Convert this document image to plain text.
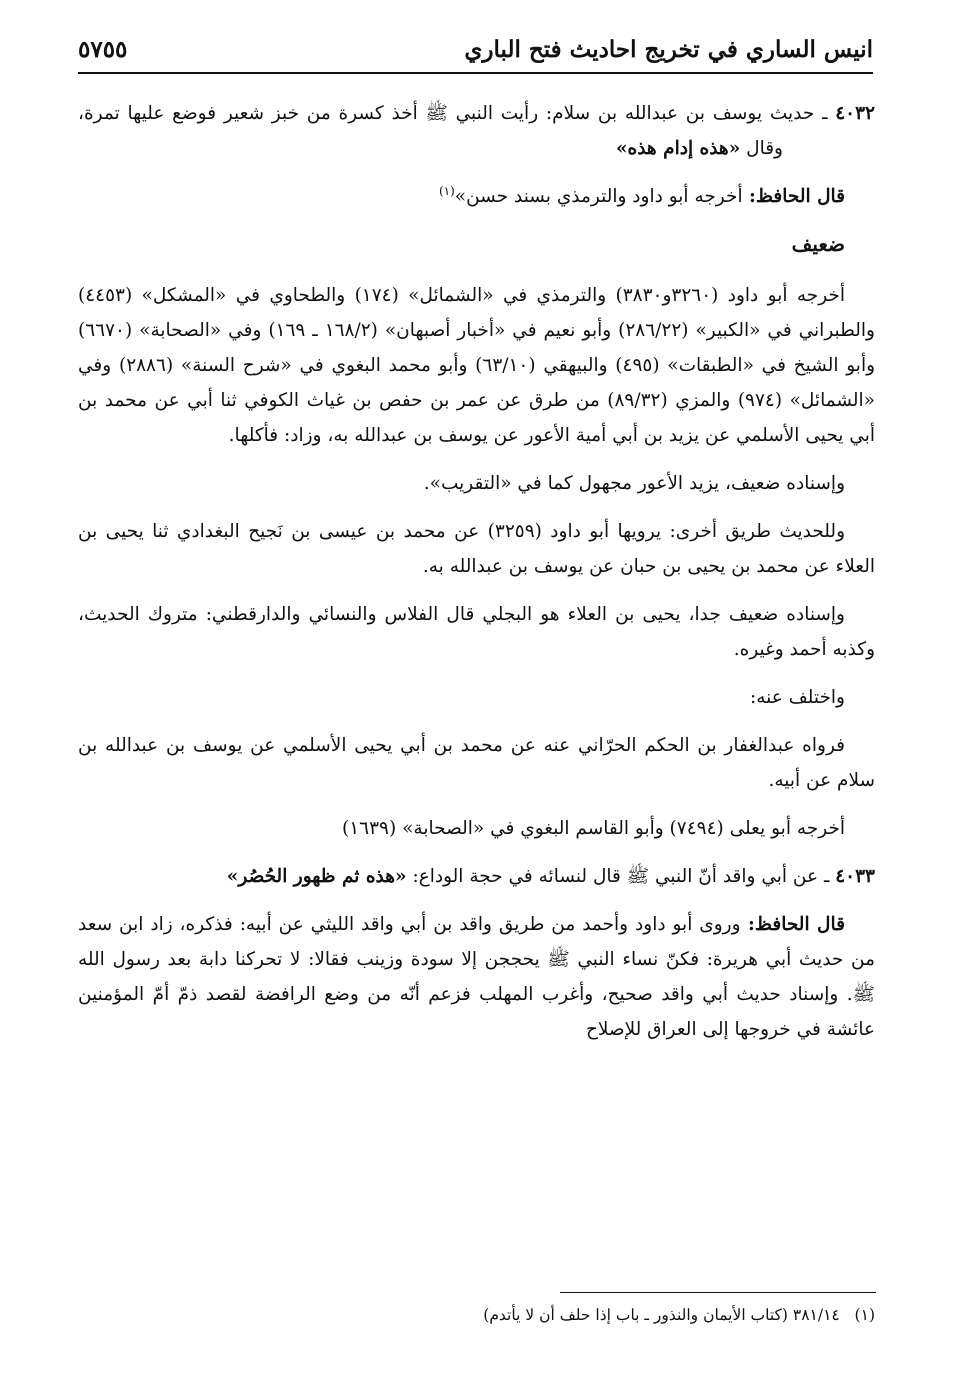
انيس الساري في تخريج احاديث فتح الباري
٥٧٥٥

٤٠٣٢ ـ حديث يوسف بن عبدالله بن سلام: رأيت النبي ﷺ أخذ كسرة من خبز شعير فوضع عليها تمرة، وقال «هذه إدام هذه»

قال الحافظ: أخرجه أبو داود والترمذي بسند حسن»$^{(١)}$

ضعيف

أخرجه أبو داود (٣٢٦٠و٣٨٣٠) والترمذي في «الشمائل» (١٧٤) والطحاوي في «المشكل» (٤٤٥٣) والطبراني في «الكبير» (٢٨٦/٢٢) وأبو نعيم في «أخبار أصبهان» (١٦٨/٢ ـ ١٦٩) وفي «الصحابة» (٦٦٧٠) وأبو الشيخ في «الطبقات» (٤٩٥) والبيهقي (٦٣/١٠) وأبو محمد البغوي في «شرح السنة» (٢٨٨٦) وفي «الشمائل» (٩٧٤) والمزي (٨٩/٣٢) من طرق عن عمر بن حفص بن غياث الكوفي ثنا أبي عن محمد بن أبي يحيى الأسلمي عن يزيد بن أبي أمية الأعور عن يوسف بن عبدالله به، وزاد: فأكلها.

وإسناده ضعيف، يزيد الأعور مجهول كما في «التقريب».

وللحديث طريق أخرى: يرويها أبو داود (٣٢٥٩) عن محمد بن عيسى بن نَجيح البغدادي ثنا يحيى بن العلاء عن محمد بن يحيى بن حبان عن يوسف بن عبدالله به.

وإسناده ضعيف جدا، يحيى بن العلاء هو البجلي قال الفلاس والنسائي والدارقطني: متروك الحديث، وكذبه أحمد وغيره.

واختلف عنه:

فرواه عبدالغفار بن الحكم الحرّاني عنه عن محمد بن أبي يحيى الأسلمي عن يوسف بن عبدالله بن سلام عن أبيه.

أخرجه أبو يعلى (٧٤٩٤) وأبو القاسم البغوي في «الصحابة» (١٦٣٩)

٤٠٣٣ ـ عن أبي واقد أنّ النبي ﷺ قال لنسائه في حجة الوداع: «هذه ثم ظهور الحُصُر»

قال الحافظ: وروى أبو داود وأحمد من طريق واقد بن أبي واقد الليثي عن أبيه: فذكره، زاد ابن سعد من حديث أبي هريرة: فكنّ نساء النبي ﷺ يحججن إلا سودة وزينب فقالا: لا تحركنا دابة بعد رسول الله ﷺ. وإسناد حديث أبي واقد صحيح، وأغرب المهلب فزعم أنّه من وضع الرافضة لقصد ذمّ أمّ المؤمنين عائشة في خروجها إلى العراق للإصلاح

(١)   ٣٨١/١٤ (كتاب الأيمان والنذور ـ باب إذا حلف أن لا يأتدم)
